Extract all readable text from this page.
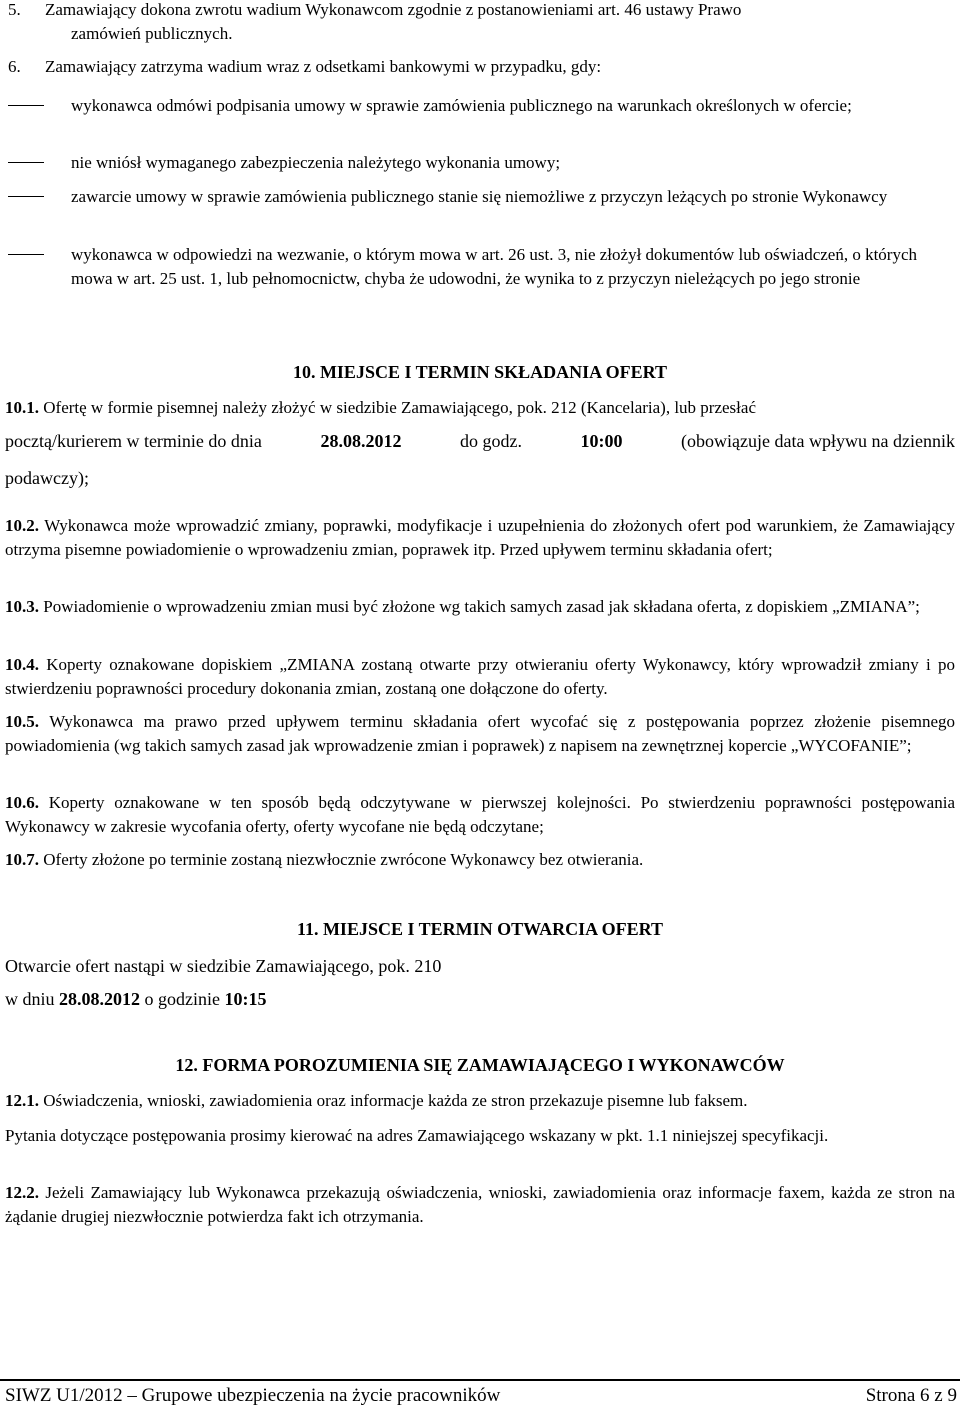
5. Zamawiający dokona zwrotu wadium Wykonawcom zgodnie z postanowieniami art. 46 ustawy Prawo
zamówień publicznych.
6. Zamawiający zatrzyma wadium wraz z odsetkami bankowymi w przypadku, gdy:
wykonawca odmówi podpisania umowy w sprawie zamówienia publicznego na warunkach określonych w ofercie;
nie wniósł wymaganego zabezpieczenia należytego wykonania umowy;
zawarcie umowy w sprawie zamówienia publicznego stanie się niemożliwe z przyczyn leżących po stronie Wykonawcy
wykonawca w odpowiedzi na wezwanie, o którym mowa w art. 26 ust. 3, nie złożył dokumentów lub oświadczeń, o których mowa w art. 25 ust. 1, lub pełnomocnictw, chyba że udowodni, że wynika to z przyczyn nieleżących po jego stronie
10. MIEJSCE I TERMIN SKŁADANIA OFERT
10.1. Ofertę w formie pisemnej należy złożyć w siedzibie Zamawiającego, pok. 212 (Kancelaria), lub przesłać
pocztą/kurierem w terminie do dnia	28.08.2012	do godz.	10:00	(obowiązuje data wpływu na dziennik
podawczy);
10.2. Wykonawca może wprowadzić zmiany, poprawki, modyfikacje i uzupełnienia do złożonych ofert pod warunkiem, że Zamawiający otrzyma pisemne powiadomienie o wprowadzeniu zmian, poprawek itp. Przed upływem terminu składania ofert;
10.3. Powiadomienie o wprowadzeniu zmian musi być złożone wg takich samych zasad jak składana oferta, z dopiskiem „ZMIANA”;
10.4. Koperty oznakowane dopiskiem „ZMIANA zostaną otwarte przy otwieraniu oferty Wykonawcy, który wprowadził zmiany i po stwierdzeniu poprawności procedury dokonania zmian, zostaną one dołączone do oferty.
10.5. Wykonawca ma prawo przed upływem terminu składania ofert wycofać się z postępowania poprzez złożenie pisemnego powiadomienia (wg takich samych zasad jak wprowadzenie zmian i poprawek) z napisem na zewnętrznej kopercie „WYCOFANIE”;
10.6. Koperty oznakowane w ten sposób będą odczytywane w pierwszej kolejności. Po stwierdzeniu poprawności postępowania Wykonawcy w zakresie wycofania oferty, oferty wycofane nie będą odczytane;
10.7. Oferty złożone po terminie zostaną niezwłocznie zwrócone Wykonawcy bez otwierania.
11. MIEJSCE I TERMIN OTWARCIA OFERT
Otwarcie ofert nastąpi w siedzibie Zamawiającego, pok. 210
w dniu 28.08.2012 o godzinie 10:15
12. FORMA POROZUMIENIA SIĘ ZAMAWIAJĄCEGO I WYKONAWCÓW
12.1. Oświadczenia, wnioski, zawiadomienia oraz informacje każda ze stron przekazuje pisemne lub faksem.
Pytania dotyczące postępowania prosimy kierować na adres Zamawiającego wskazany w pkt. 1.1 niniejszej specyfikacji.
12.2. Jeżeli Zamawiający lub Wykonawca przekazują oświadczenia, wnioski, zawiadomienia oraz informacje faxem, każda ze stron na żądanie drugiej niezwłocznie potwierdza fakt ich otrzymania.
SIWZ U1/2012 – Grupowe ubezpieczenia na życie pracowników	Strona 6 z 9
